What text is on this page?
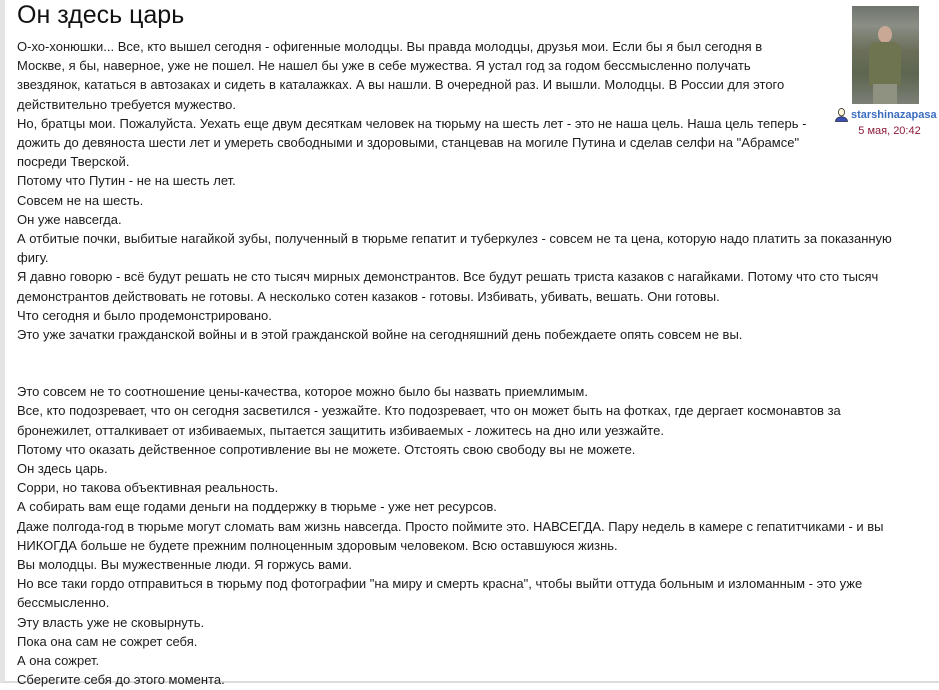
Он здесь царь

О-хо-хонюшки... Все, кто вышел сегодня - офигенные молодцы. Вы правда молодцы, друзья мои. Если бы я был сегодня в

Москве, я бы, наверное, уже не пошел. Не нашел бы уже в себе мужества. Я устал год за годом бессмысленно получать

звездянок, кататься в автозаках и сидеть в каталажках. А вы нашли. В очередной раз. И вышли. Молодцы. В России для этого

действительно требуется мужество.

Но, братцы мои. Пожалуйста. Уехать еще двум десяткам человек на тюрьму на шесть лет - это не наша цель. Наша цель теперь -

дожить до девяноста шести лет и умереть свободными и здоровыми, станцевав на могиле Путина и сделав селфи на "Абрамсе"

посреди Тверской.

Потому что Путин - не на шесть лет.

Совсем не на шесть.

Он уже навсегда.

А отбитые почки, выбитые нагайкой зубы, полученный в тюрьме гепатит и туберкулез - совсем не та цена, которую надо платить за показанную

фигу.

Я давно говорю - всё будут решать не сто тысяч мирных демонстрантов. Все будут решать триста казаков с нагайками. Потому что сто тысяч

демонстрантов действовать не готовы. А несколько сотен казаков - готовы. Избивать, убивать, вешать. Они готовы.

Что сегодня и было продемонстрировано.

Это уже зачатки гражданской войны и в этой гражданской войне на сегодняшний день побеждаете опять совсем не вы.

Это совсем не то соотношение цены-качества, которое можно было бы назвать приемлимым.

Все, кто подозревает, что он сегодня засветился - уезжайте. Кто подозревает, что он может быть на фотках, где дергает космонавтов за

бронежилет, отталкивает от избиваемых, пытается защитить избиваемых - ложитесь на дно или уезжайте.

Потому что оказать действенное сопротивление вы не можете. Отстоять свою свободу вы не можете.

Он здесь царь.

Сорри, но такова объективная реальность.

А собирать вам еще годами деньги на поддержку в тюрьме - уже нет ресурсов.

Даже полгода-год в тюрьме могут сломать вам жизнь навсегда. Просто поймите это. НАВСЕГДА. Пару недель в камере с гепатитчиками - и вы

НИКОГДА больше не будете прежним полноценным здоровым человеком. Всю оставшуюся жизнь.

Вы молодцы. Вы мужественные люди. Я горжусь вами.

Но все таки гордо отправиться в тюрьму под фотографии "на миру и смерть красна", чтобы выйти оттуда больным и изломанным - это уже

бессмысленно.

Эту власть уже не сковырнуть.

Пока она сам не сожрет себя.

А она сожрет.

Сберегите себя до этого момента.

starshinazapasa
5 мая, 20:42
